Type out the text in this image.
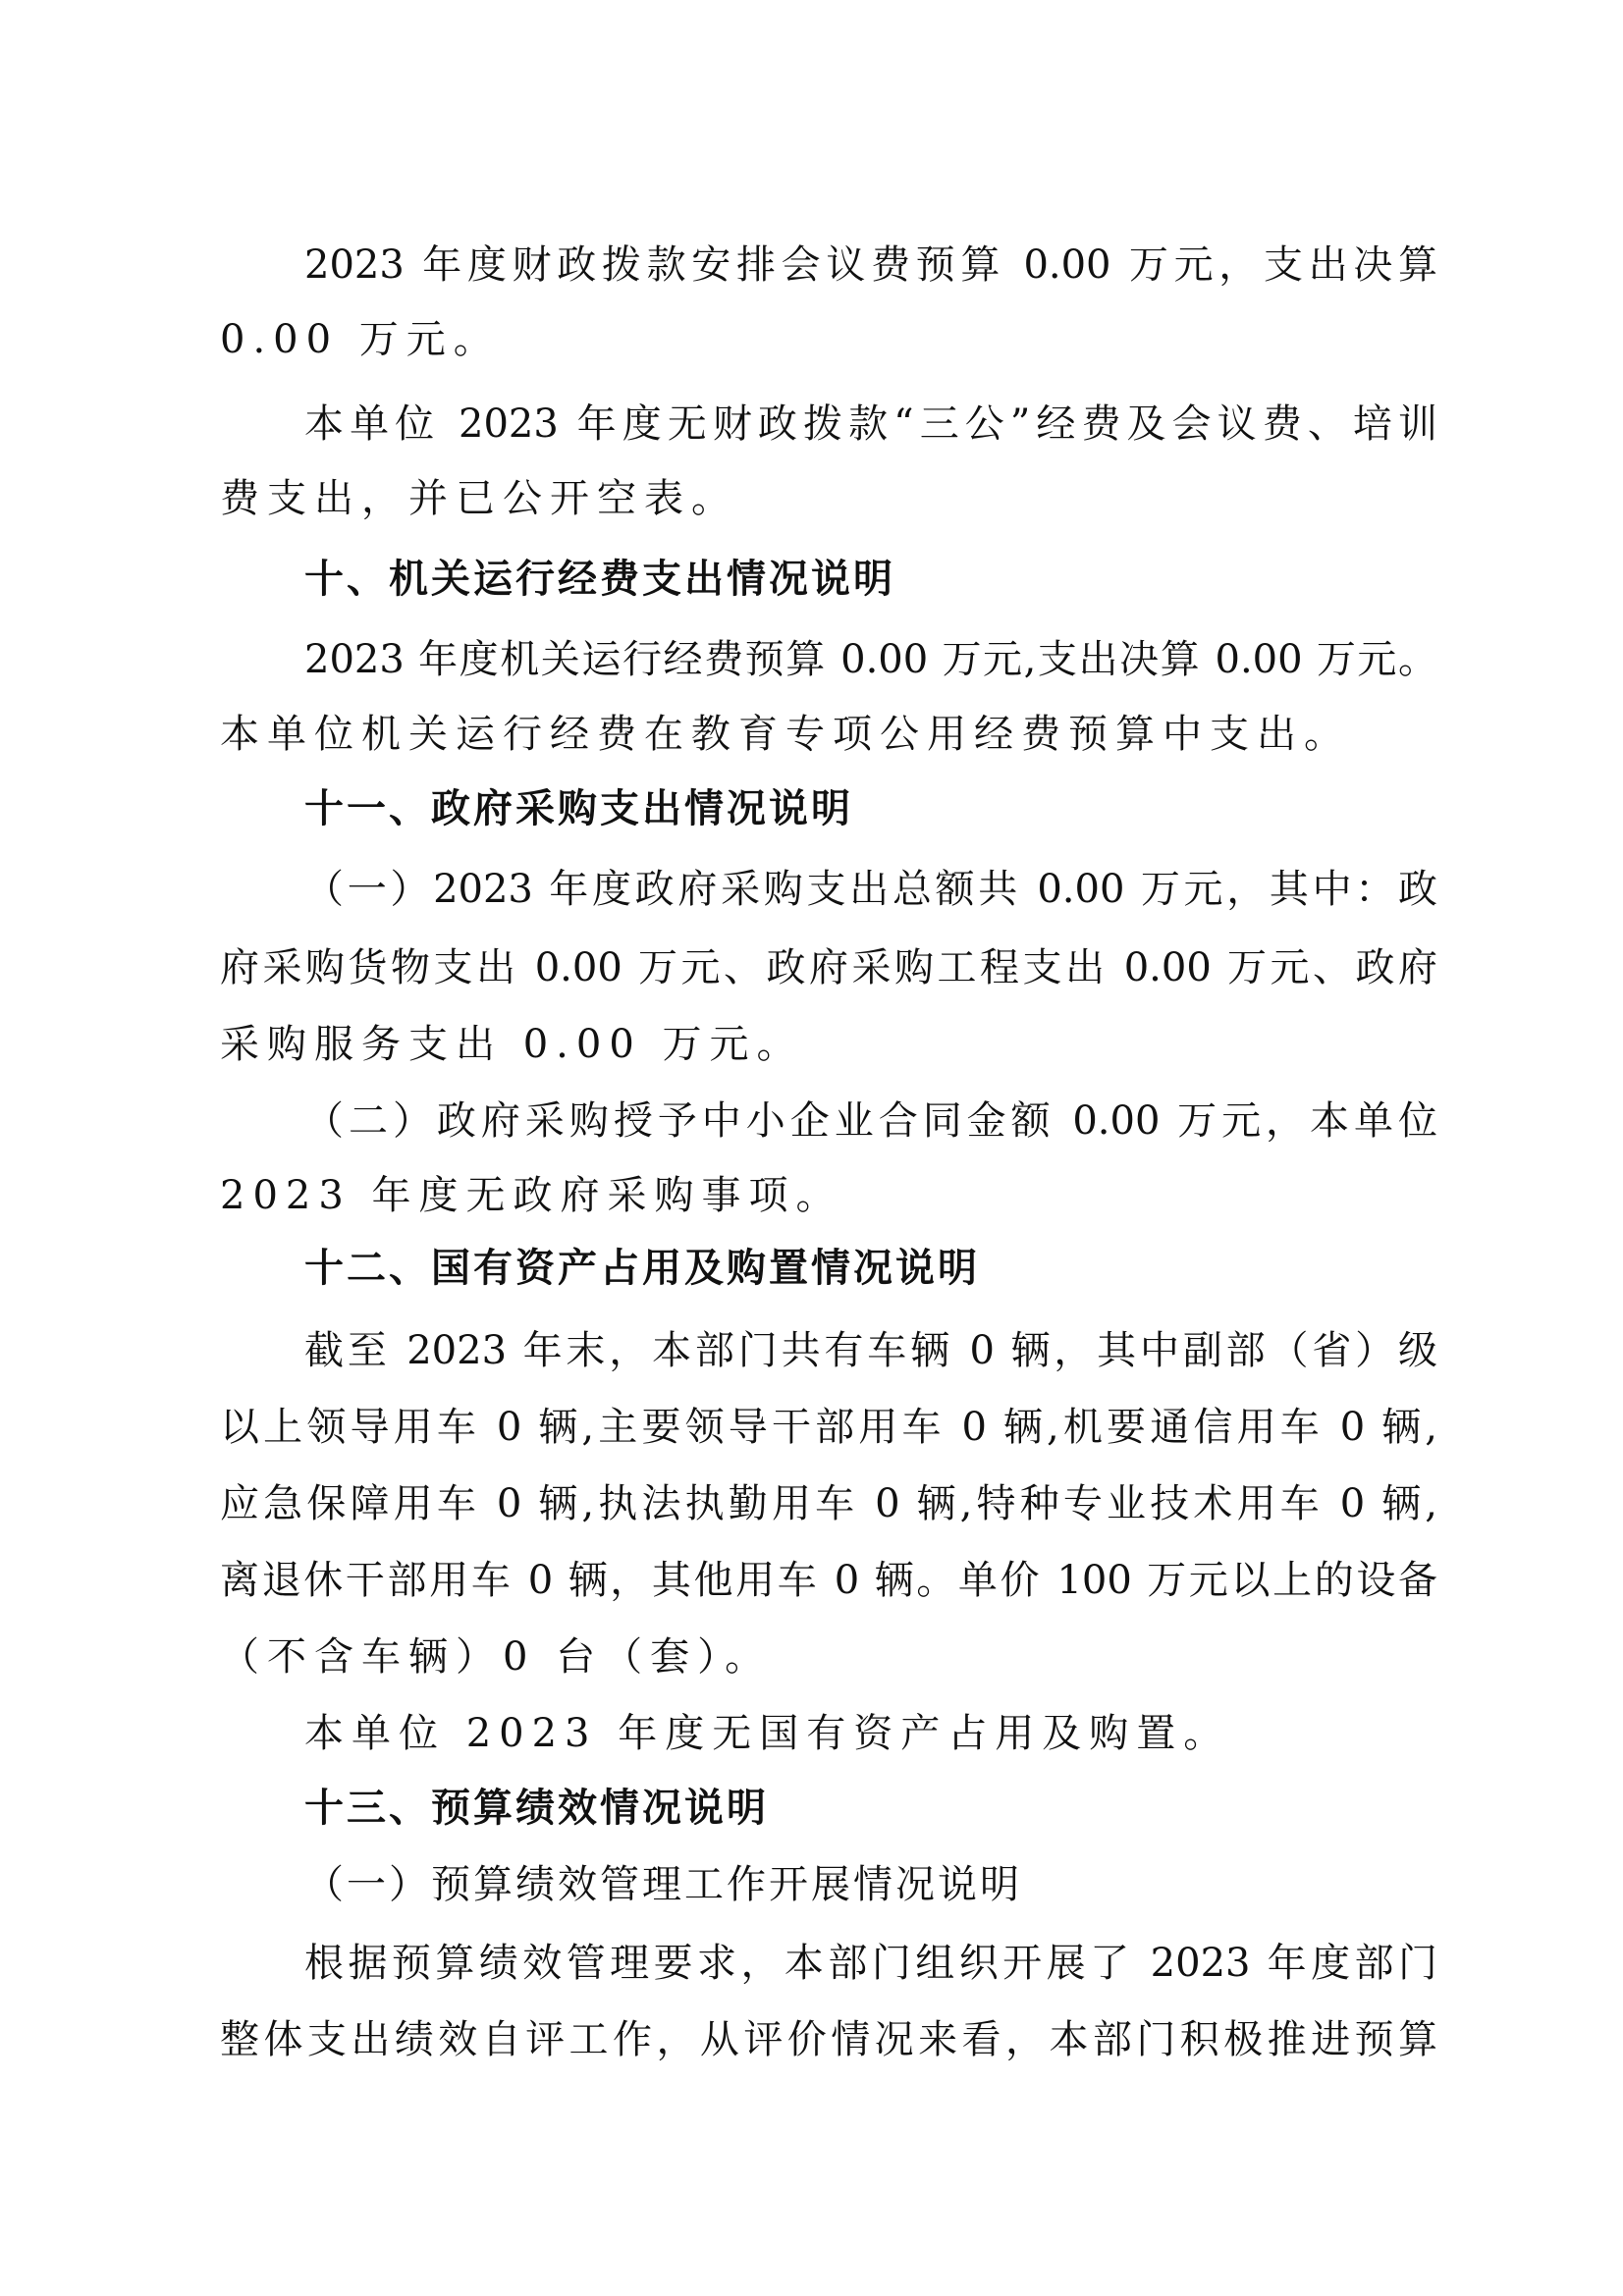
2023 年度财政拨款安排会议费预算 0.00 万元，支出决算
0.00 万元。
本单位 2023 年度无财政拨款“三公”经费及会议费、培训
费支出，并已公开空表。
十、机关运行经费支出情况说明
2023 年度机关运行经费预算 0.00 万元,支出决算 0.00 万元。
本单位机关运行经费在教育专项公用经费预算中支出。
十一、政府采购支出情况说明
（一）2023 年度政府采购支出总额共 0.00 万元，其中：政
府采购货物支出 0.00 万元、政府采购工程支出 0.00 万元、政府
采购服务支出 0.00 万元。
（二）政府采购授予中小企业合同金额 0.00 万元，本单位
2023 年度无政府采购事项。
十二、国有资产占用及购置情况说明
截至 2023 年末，本部门共有车辆 0 辆，其中副部（省）级
以上领导用车 0 辆,主要领导干部用车 0 辆,机要通信用车 0 辆,
应急保障用车 0 辆,执法执勤用车 0 辆,特种专业技术用车 0 辆,
离退休干部用车 0 辆，其他用车 0 辆。单价 100 万元以上的设备
（不含车辆）0 台（套）。
本单位 2023 年度无国有资产占用及购置。
十三、预算绩效情况说明
（一）预算绩效管理工作开展情况说明
根据预算绩效管理要求，本部门组织开展了 2023 年度部门
整体支出绩效自评工作，从评价情况来看，本部门积极推进预算
